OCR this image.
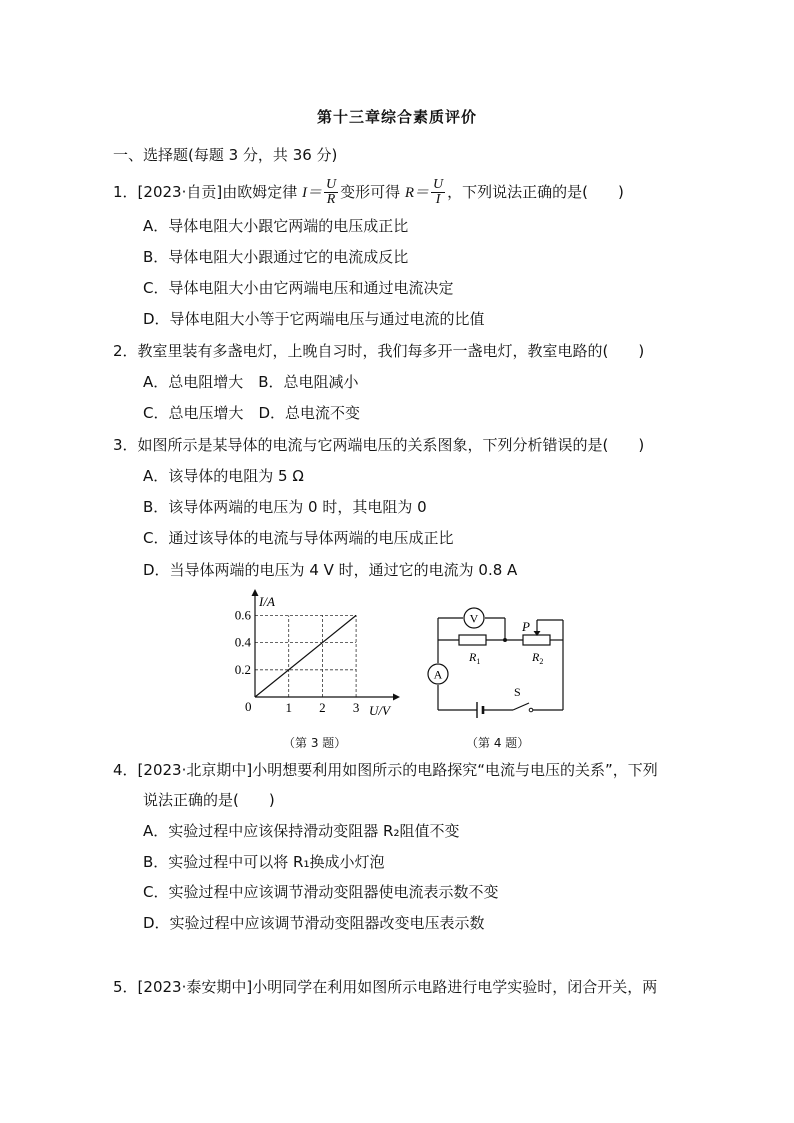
第十三章综合素质评价
一、选择题(每题 3 分，共 36 分)
1．[2023·自贡]由欧姆定律 $I= \frac{U}{R}$ 变形可得 $R= \frac{U}{I}$ ，下列说法正确的是(　　)
A．导体电阻大小跟它两端的电压成正比
B．导体电阻大小跟通过它的电流成反比
C．导体电阻大小由它两端电压和通过电流决定
D．导体电阻大小等于它两端电压与通过电流的比值
2．教室里装有多盏电灯，上晚自习时，我们每多开一盏电灯，教室电路的(　　)
A．总电阻增大　B．总电阻减小
C．总电压增大　D．总电流不变
3．如图所示是某导体的电流与它两端电压的关系图象，下列分析错误的是(　　)
A．该导体的电阻为 5 Ω
B．该导体两端的电压为 0 时，其电阻为 0
C．通过该导体的电流与导体两端的电压成正比
D．当导体两端的电压为 4 V 时，通过它的电流为 0.8 A
I/A
U/V
0	1 2 3
0.2
0.4
0.6
（第 3 题）
V
A
P
$R_1$	$R_2$
S
（第 4 题）
4．[2023·北京期中]小明想要利用如图所示的电路探究“电流与电压的关系”，下列
说法正确的是(　　)
A．实验过程中应该保持滑动变阻器 R₂阻值不变
B．实验过程中可以将 R₁换成小灯泡
C．实验过程中应该调节滑动变阻器使电流表示数不变
D．实验过程中应该调节滑动变阻器改变电压表示数
5．[2023·泰安期中]小明同学在利用如图所示电路进行电学实验时，闭合开关，两
